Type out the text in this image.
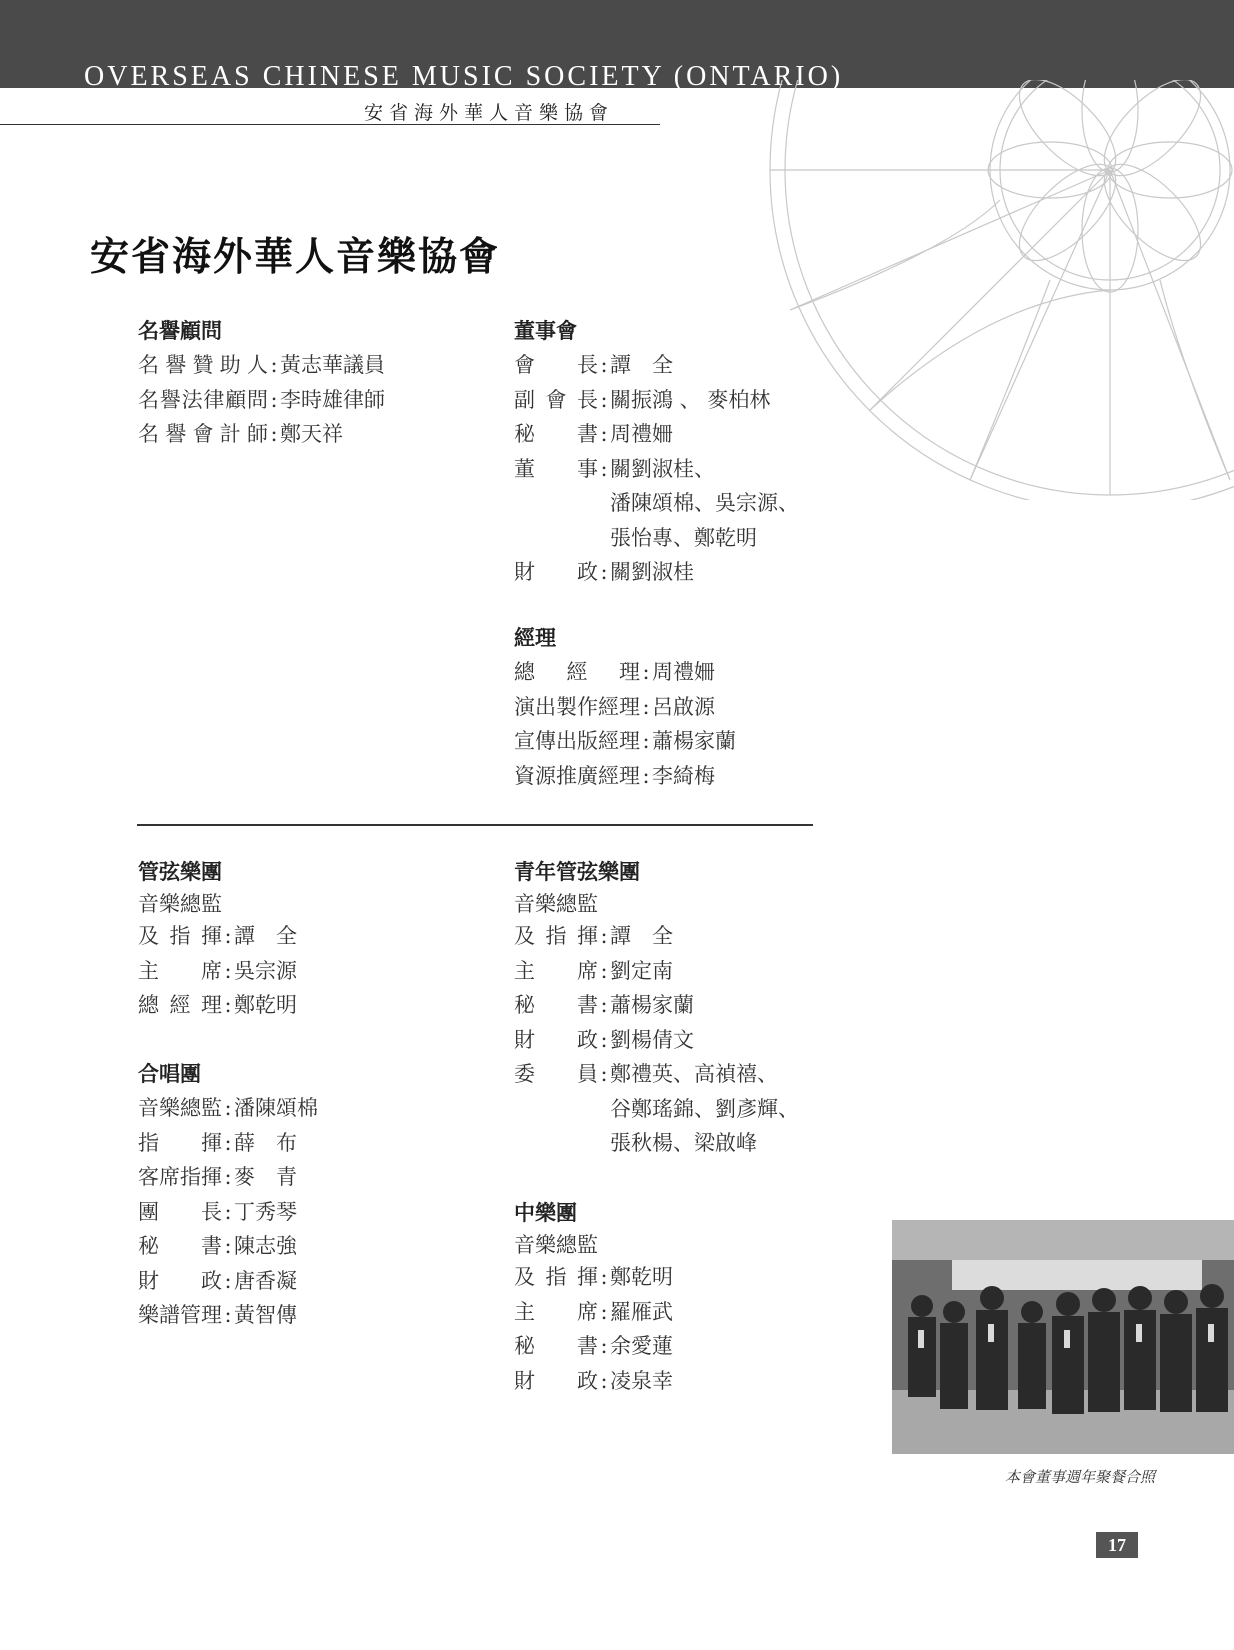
OVERSEAS CHINESE MUSIC SOCIETY (ONTARIO)
安省海外華人音樂協會
安省海外華人音樂協會
名譽顧問
名譽贊助人 : 黃志華議員
名譽法律顧問 : 李時雄律師
名譽會計師 : 鄭天祥
董事會
會長 : 譚　全
副會長 : 關振鴻 、 麥柏林
秘書 : 周禮姍
董事 : 關劉淑桂、
潘陳頌棉、吳宗源、
張怡專、鄭乾明
財政 : 關劉淑桂
經理
總經理 : 周禮姍
演出製作經理 : 呂啟源
宣傳出版經理 : 蕭楊家蘭
資源推廣經理 : 李綺梅
管弦樂團
音樂總監
及指揮 : 譚　全
主席 : 吳宗源
總經理 : 鄭乾明
合唱團
音樂總監 : 潘陳頌棉
指揮 : 薛　布
客席指揮 : 麥　青
團長 : 丁秀琴
秘書 : 陳志強
財政 : 唐香凝
樂譜管理 : 黃智傳
青年管弦樂團
音樂總監
及指揮 : 譚　全
主席 : 劉定南
秘書 : 蕭楊家蘭
財政 : 劉楊倩文
委員 : 鄭禮英、高禎禧、
谷鄭瑤錦、劉彥輝、
張秋楊、梁啟峰
中樂團
音樂總監
及指揮 : 鄭乾明
主席 : 羅雁武
秘書 : 余愛蓮
財政 : 凌泉幸
本會董事週年聚餐合照
17
